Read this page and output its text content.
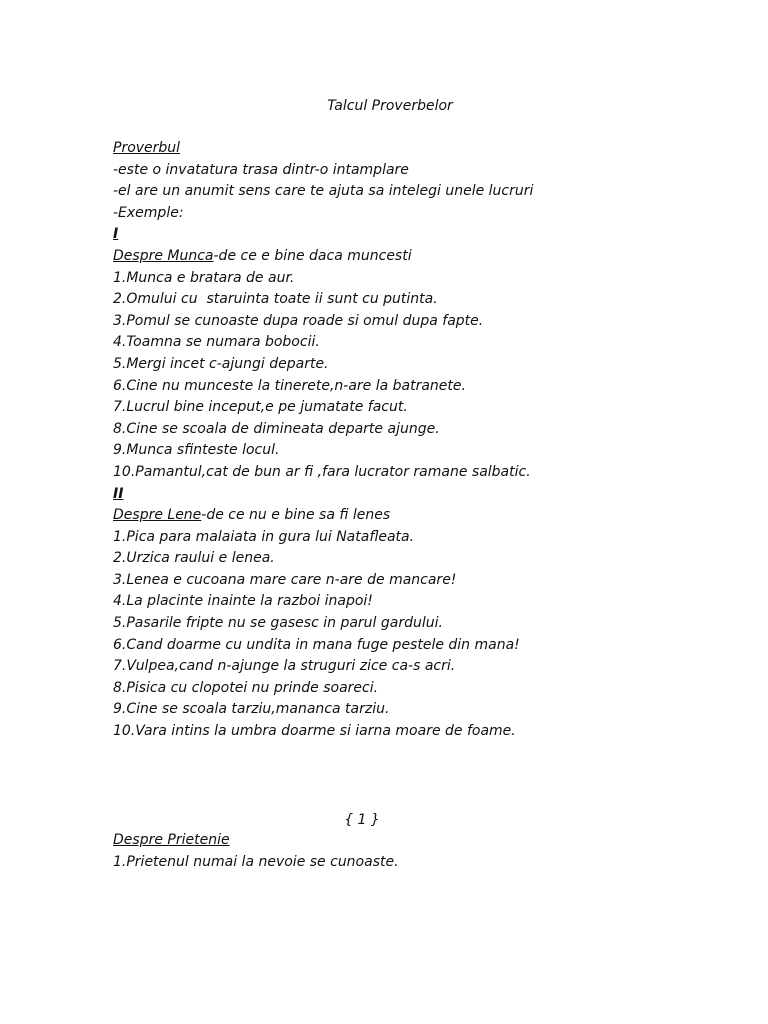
Talcul Proverbelor
Proverbul
-este o invatatura trasa dintr-o intamplare
-el are un anumit sens care te ajuta sa intelegi unele lucruri
-Exemple:
I
Despre Munca-de ce e bine daca muncesti
1.Munca e bratara de aur.
2.Omului cu  staruinta toate ii sunt cu putinta.
3.Pomul se cunoaste dupa roade si omul dupa fapte.
4.Toamna se numara bobocii.
5.Mergi incet c-ajungi departe.
6.Cine nu munceste la tinerete,n-are la batranete.
7.Lucrul bine inceput,e pe jumatate facut.
8.Cine se scoala de dimineata departe ajunge.
9.Munca sfinteste locul.
10.Pamantul,cat de bun ar fi ,fara lucrator ramane salbatic.
II
Despre Lene-de ce nu e bine sa fi lenes
1.Pica para malaiata in gura lui Natafleata.
2.Urzica raului e lenea.
3.Lenea e cucoana mare care n-are de mancare!
4.La placinte inainte la razboi inapoi!
5.Pasarile fripte nu se gasesc in parul gardului.
6.Cand doarme cu undita in mana fuge pestele din mana!
7.Vulpea,cand n-ajunge la struguri zice ca-s acri.
8.Pisica cu clopotei nu prinde soareci.
9.Cine se scoala tarziu,mananca tarziu.
10.Vara intins la umbra doarme si iarna moare de foame.
{ 1 }
Despre Prietenie
1.Prietenul numai la nevoie se cunoaste.
